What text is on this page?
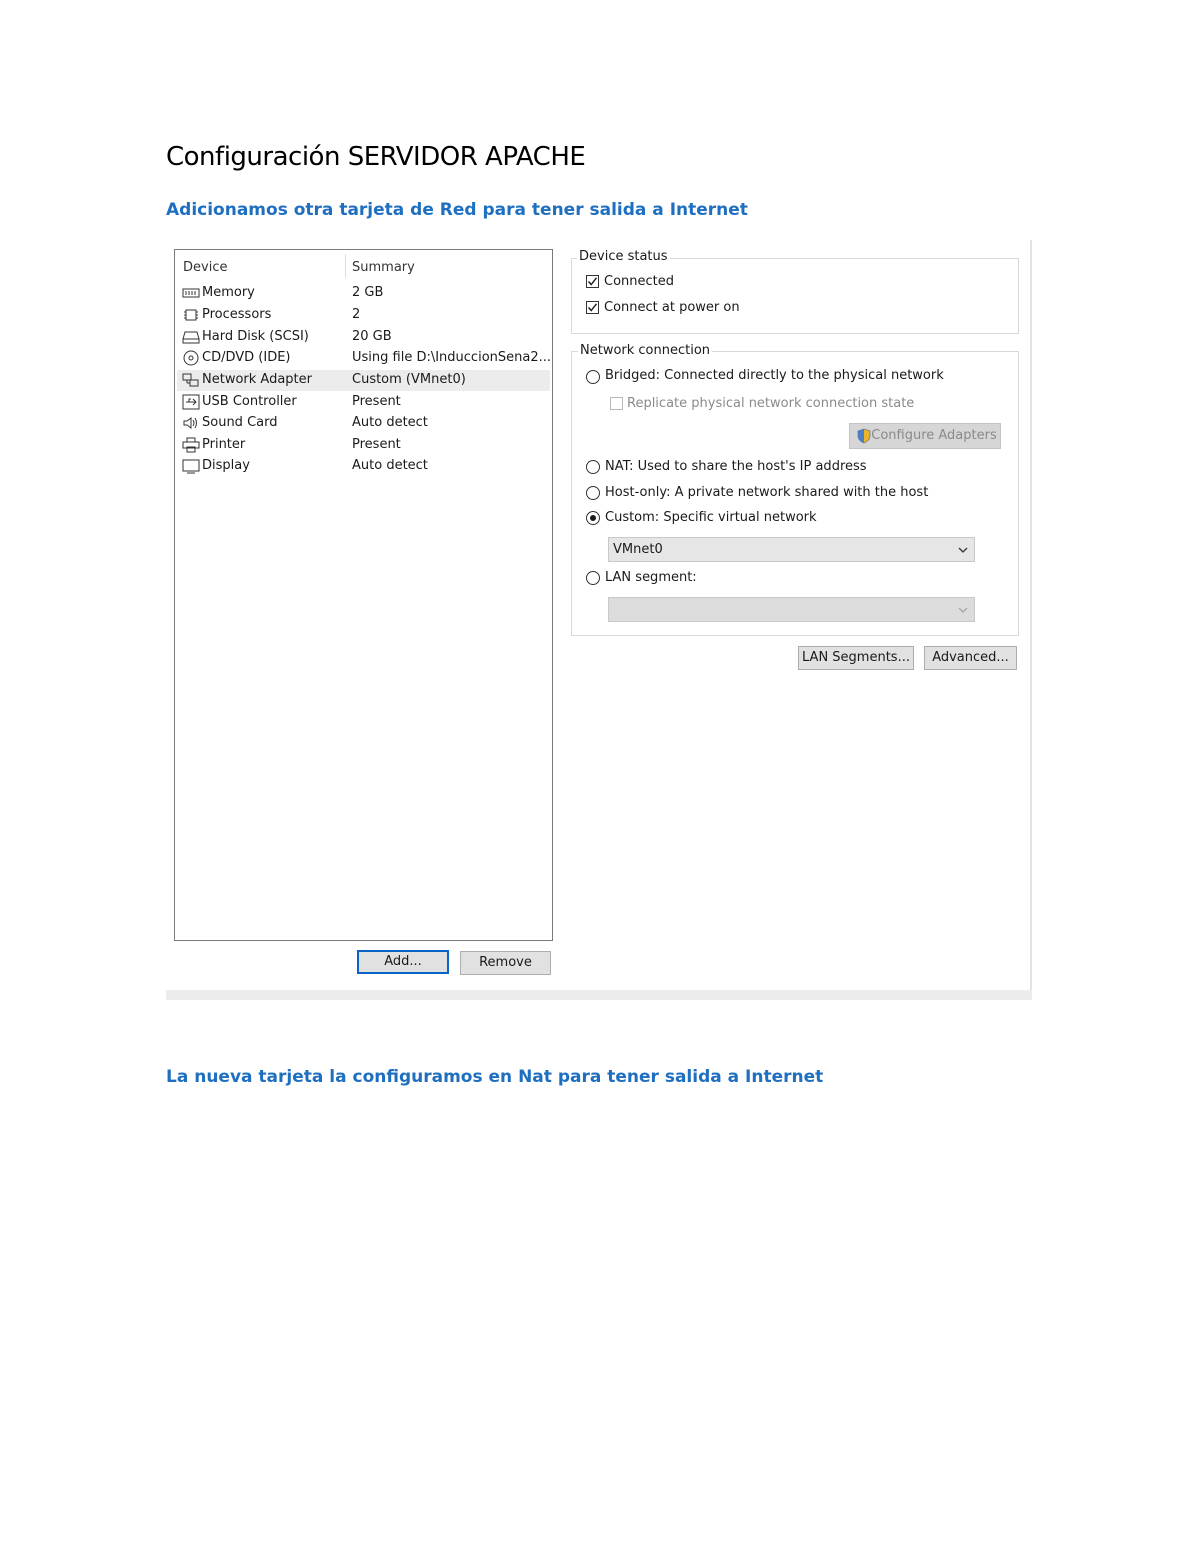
Configuración SERVIDOR APACHE
Adicionamos otra tarjeta de Red para tener salida a Internet
Device	Summary
Memory	2 GB
Processors	2
Hard Disk (SCSI)	20 GB
CD/DVD (IDE)	Using file D:\InduccionSena2...
Network Adapter	Custom (VMnet0)
USB Controller	Present
Sound Card	Auto detect
Printer	Present
Display	Auto detect
Add...	Remove
Device status
Connected
Connect at power on
Network connection
Bridged: Connected directly to the physical network
Replicate physical network connection state
Configure Adapters
NAT: Used to share the host's IP address
Host-only: A private network shared with the host
Custom: Specific virtual network
VMnet0
LAN segment:
LAN Segments...	Advanced...
La nueva tarjeta la configuramos en Nat para tener salida a Internet
